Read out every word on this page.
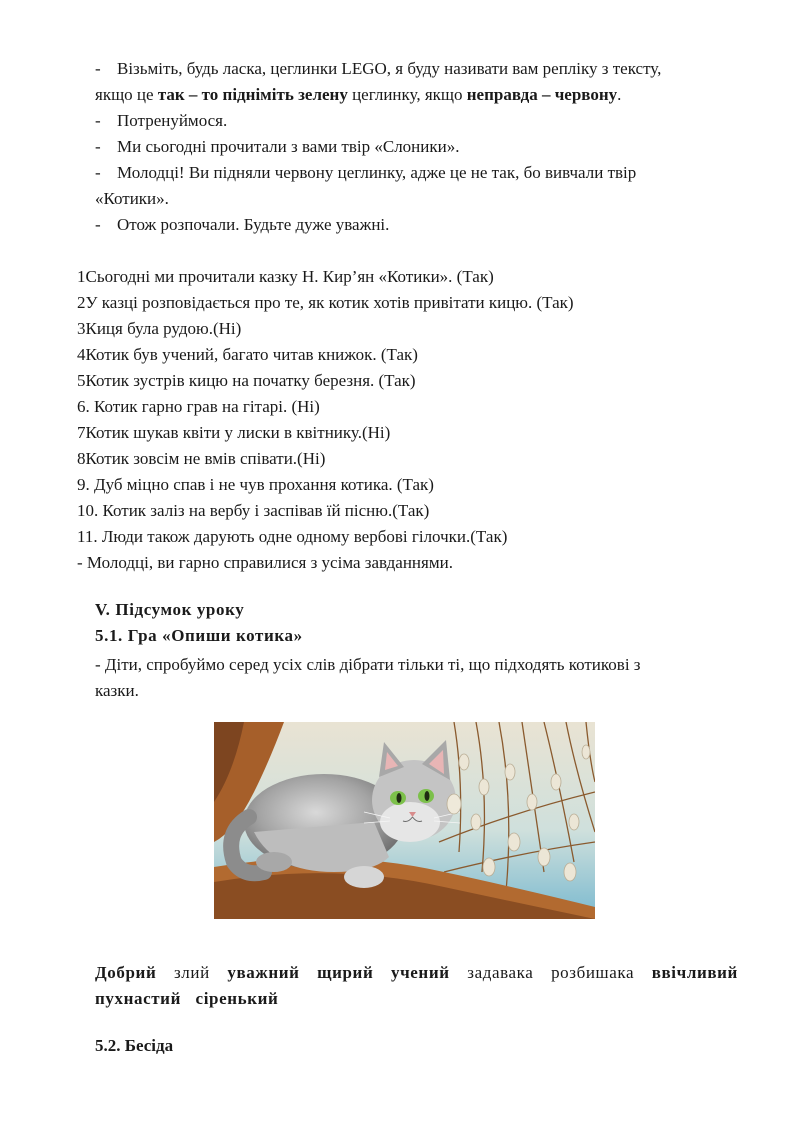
- Візьміть, будь ласка, цеглинки LEGO, я буду називати вам репліку з тексту,
якщо це так – то підніміть зелену цеглинку, якщо неправда – червону.
- Потренуймося.
- Ми сьогодні прочитали з вами твір «Слоники».
- Молодці! Ви підняли червону цеглинку, адже це не так, бо вивчали твір
«Котики».
- Отож розпочали. Будьте дуже уважні.
1Сьогодні ми прочитали казку Н. Кир’ян «Котики». (Так)
2У казці розповідається про те, як котик хотів привітати кицю. (Так)
3Киця була рудою.(Ні)
4Котик був учений, багато читав книжок. (Так)
5Котик зустрів кицю на початку березня. (Так)
6. Котик гарно грав на гітарі. (Ні)
7Котик шукав квіти у лиски в квітнику.(Ні)
8Котик зовсім не вмів співати.(Ні)
9. Дуб міцно спав і не чув прохання котика. (Так)
10. Котик заліз на вербу і заспівав їй пісню.(Так)
11. Люди також дарують одне одному вербові гілочки.(Так)
- Молодці, ви гарно справилися з усіма завданнями.
V. Підсумок уроку
5.1. Гра «Опиши котика»
- Діти, спробуймо серед усіх слів дібрати тільки ті, що підходять котикові з
казки.
Добрий злий уважний щирий учений задавака розбишака ввічливий
пухнастий сіренький
5.2. Бесіда
